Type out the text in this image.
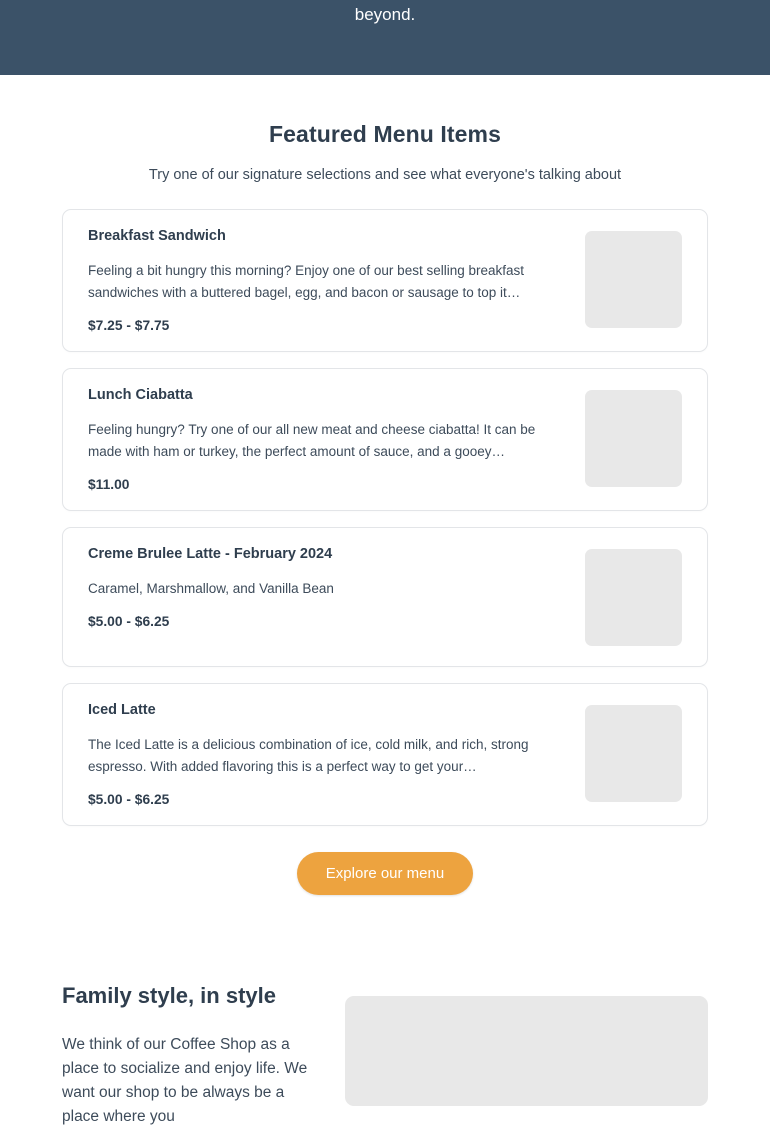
beyond.
Featured Menu Items

Try one of our signature selections and see what everyone's talking about

Breakfast Sandwich
Feeling a bit hungry this morning? Enjoy one of our best selling breakfast sandwiches with a buttered bagel, egg, and bacon or sausage to top it…
$7.25 - $7.75
Lunch Ciabatta
Feeling hungry? Try one of our all new meat and cheese ciabatta! It can be made with ham or turkey, the perfect amount of sauce, and a gooey…
$11.00
Creme Brulee Latte - February 2024
Caramel, Marshmallow, and Vanilla Bean
$5.00 - $6.25
Iced Latte
The Iced Latte is a delicious combination of ice, cold milk, and rich, strong espresso. With added flavoring this is a perfect way to get your…
$5.00 - $6.25
Explore our menu
Family style, in style

We think of our Coffee Shop as a place to socialize and enjoy life. We want our shop to be always be a place where you
